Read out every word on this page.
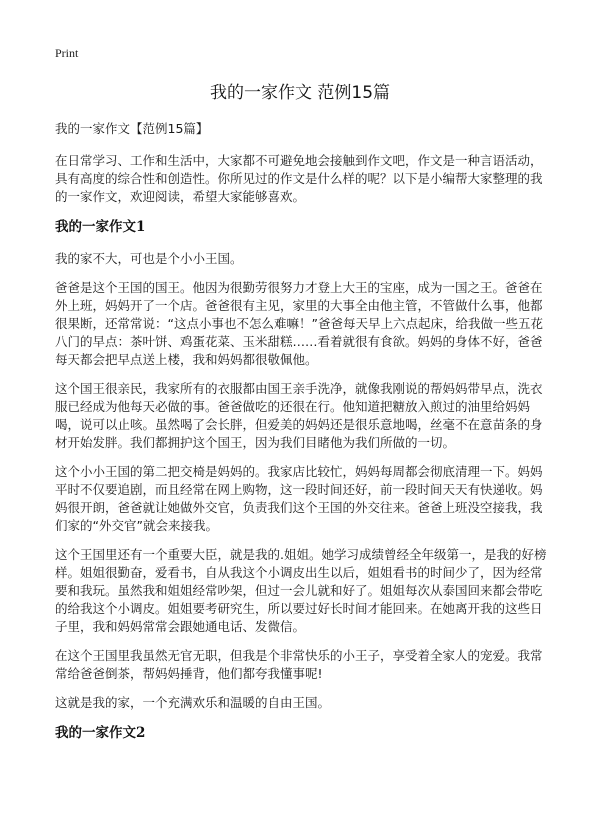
Print
我的一家作文 范例15篇

我的一家作文【范例15篇】

在日常学习、工作和生活中，大家都不可避免地会接触到作文吧，作文是一种言语活动，具有高度的综合性和创造性。你所见过的作文是什么样的呢？以下是小编帮大家整理的我的一家作文，欢迎阅读，希望大家能够喜欢。

我的一家作文1

我的家不大，可也是个小小王国。

爸爸是这个王国的国王。他因为很勤劳很努力才登上大王的宝座，成为一国之王。爸爸在外上班，妈妈开了一个店。爸爸很有主见，家里的大事全由他主管，不管做什么事，他都很果断，还常常说：“这点小事也不怎么难嘛！”爸爸每天早上六点起床，给我做一些五花八门的早点：茶叶饼、鸡蛋花菜、玉米甜糕……看着就很有食欲。妈妈的身体不好，爸爸每天都会把早点送上楼，我和妈妈都很敬佩他。

这个国王很亲民，我家所有的衣服都由国王亲手洗净，就像我刚说的帮妈妈带早点，洗衣服已经成为他每天必做的事。爸爸做吃的还很在行。他知道把糖放入煎过的油里给妈妈喝，说可以止咳。虽然喝了会长胖，但爱美的妈妈还是很乐意地喝，丝毫不在意苗条的身材开始发胖。我们都拥护这个国王，因为我们目睹他为我们所做的一切。

这个小小王国的第二把交椅是妈妈的。我家店比较忙，妈妈每周都会彻底清理一下。妈妈平时不仅要追剧，而且经常在网上购物，这一段时间还好，前一段时间天天有快递收。妈妈很开朗，爸爸就让她做外交官，负责我们这个王国的外交往来。爸爸上班没空接我，我们家的“外交官”就会来接我。

这个王国里还有一个重要大臣，就是我的.姐姐。她学习成绩曾经全年级第一，是我的好榜样。姐姐很勤奋，爱看书，自从我这个小调皮出生以后，姐姐看书的时间少了，因为经常要和我玩。虽然我和姐姐经常吵架，但过一会儿就和好了。姐姐每次从泰国回来都会带吃的给我这个小调皮。姐姐要考研究生，所以要过好长时间才能回来。在她离开我的这些日子里，我和妈妈常常会跟她通电话、发微信。

在这个王国里我虽然无官无职，但我是个非常快乐的小王子，享受着全家人的宠爱。我常常给爸爸倒茶，帮妈妈捶背，他们都夸我懂事呢!

这就是我的家，一个充满欢乐和温暖的自由王国。

我的一家作文2
